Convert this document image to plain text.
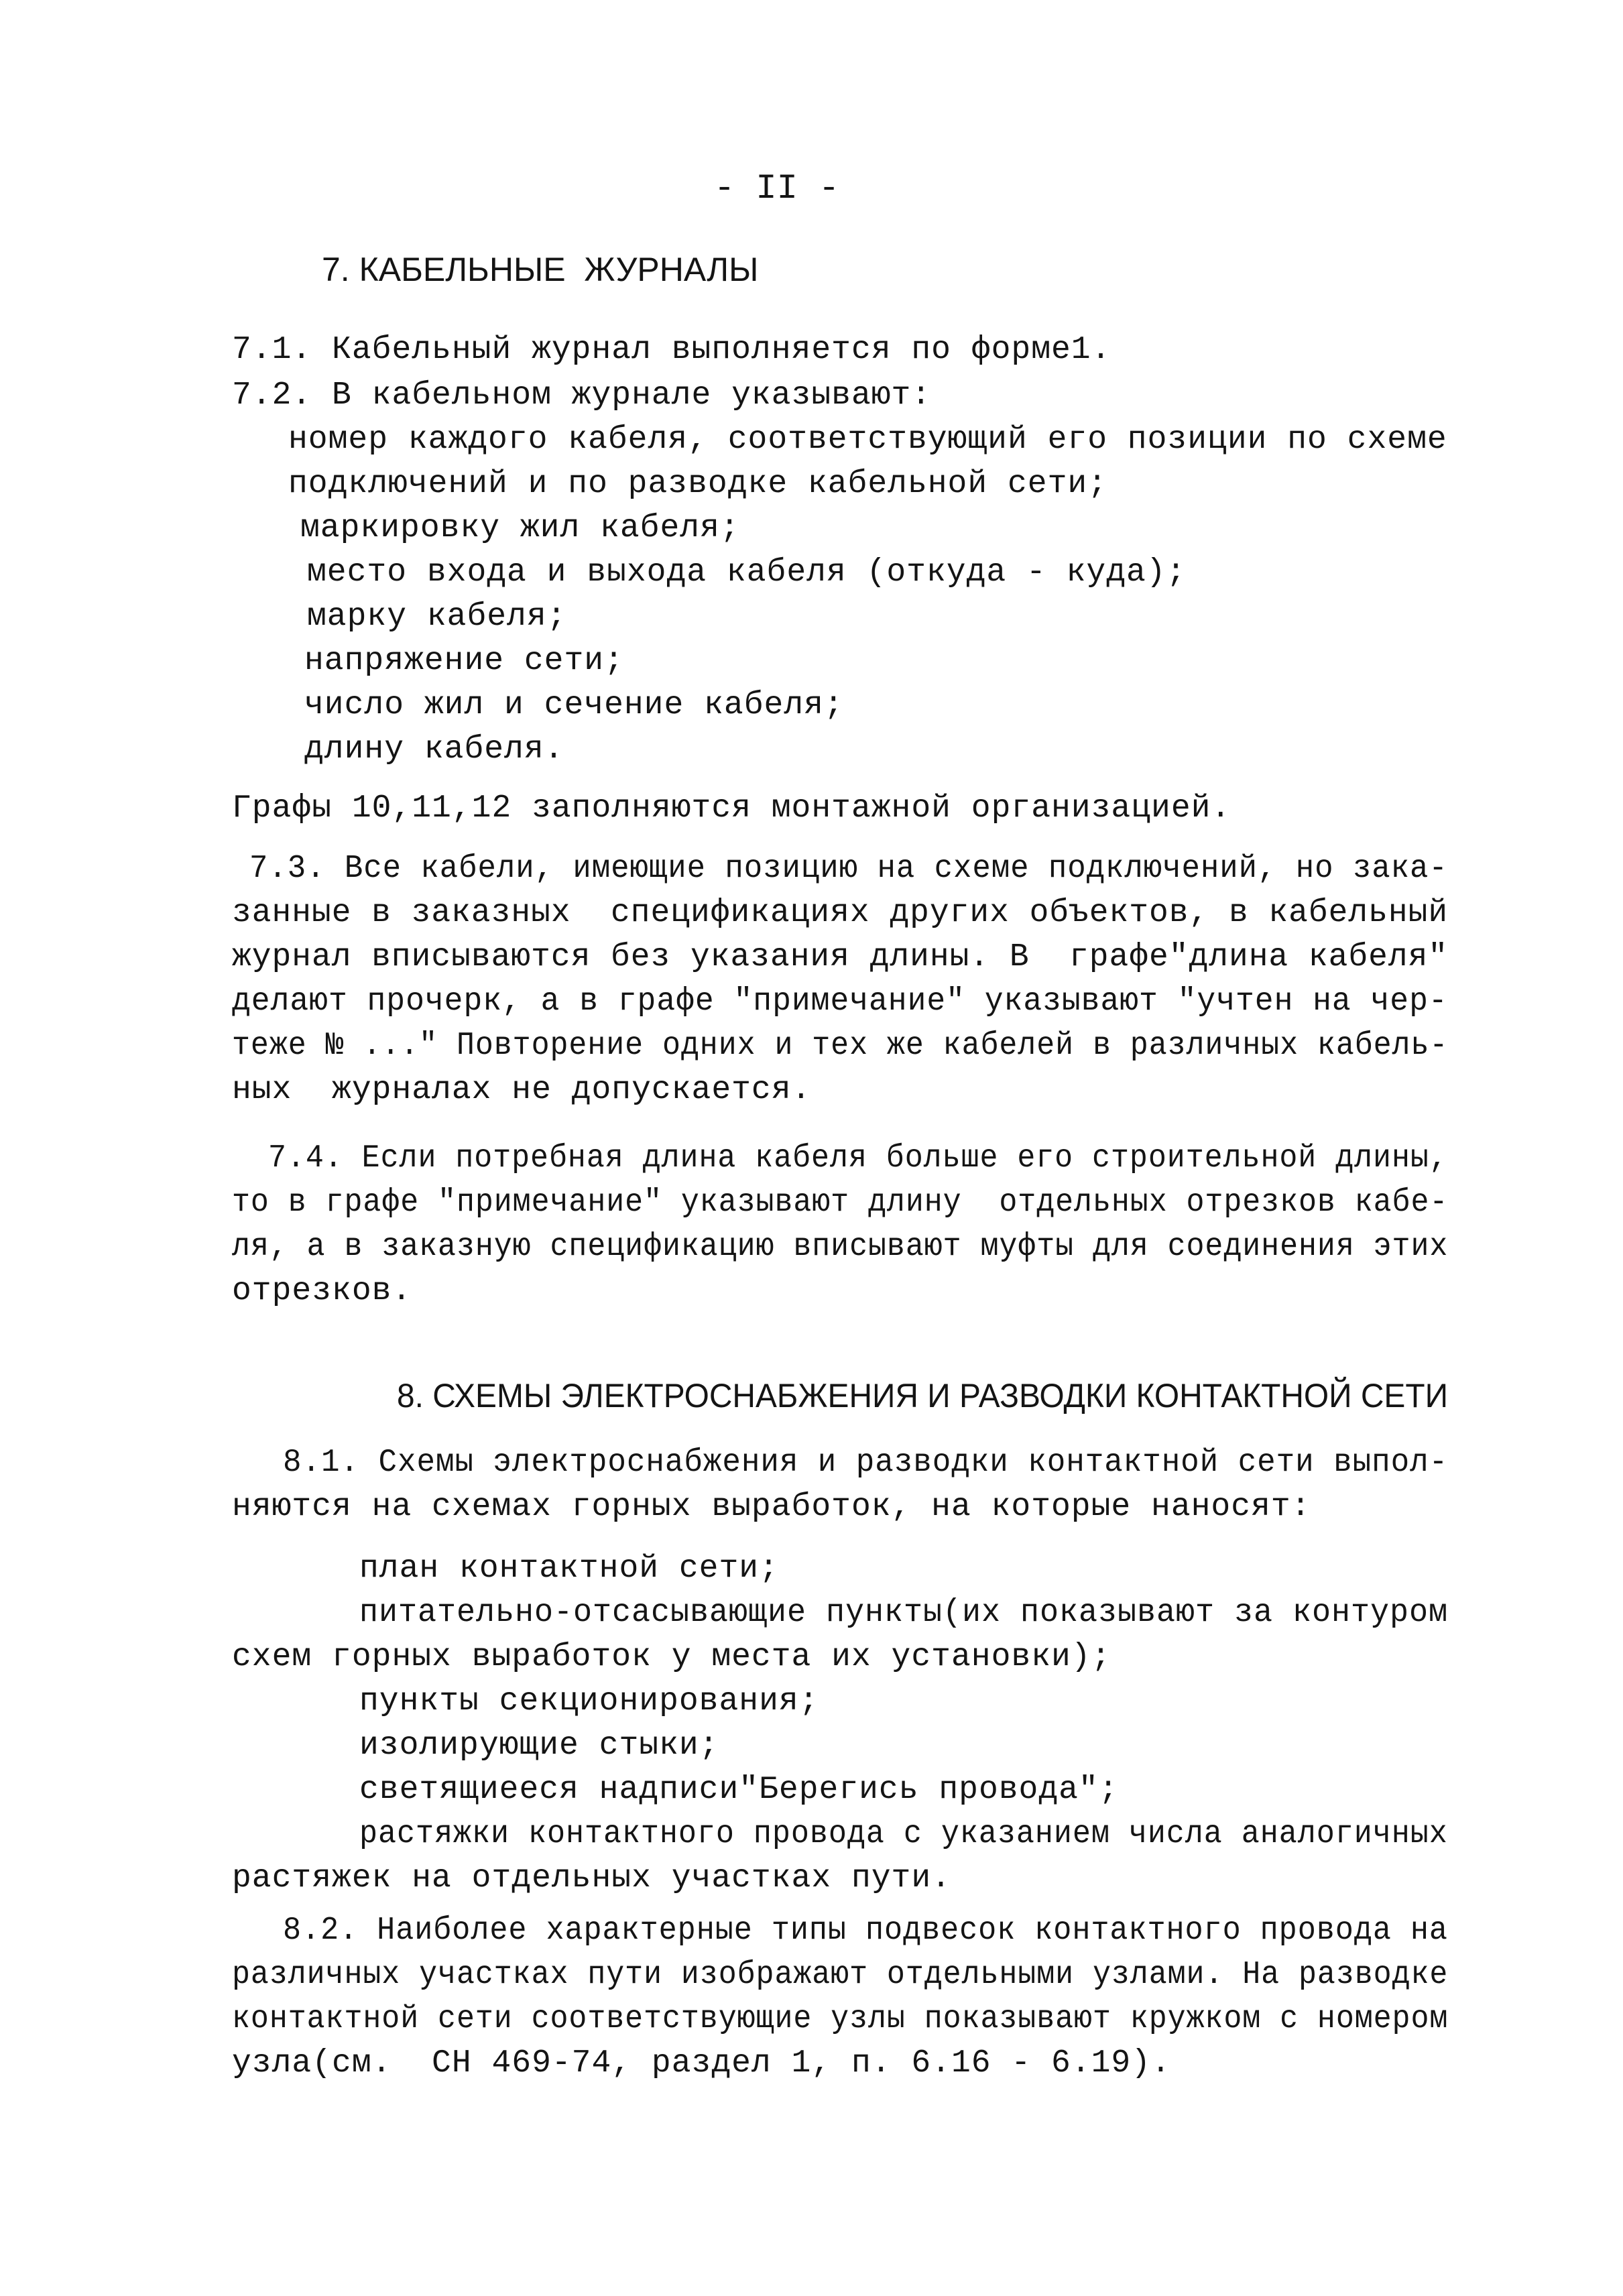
- II -
7. КАБЕЛЬНЫЕ  ЖУРНАЛЫ
7.1. Кабельный журнал выполняется по форме1.
7.2. В кабельном журнале указывают:
номер каждого кабеля, соответствующий его позиции по схеме
подключений и по разводке кабельной сети;
маркировку жил кабеля;
место входа и выхода кабеля (откуда - куда);
марку кабеля;
напряжение сети;
число жил и сечение кабеля;
длину кабеля.
Графы 10,11,12 заполняются монтажной организацией.
7.3. Все кабели, имеющие позицию на схеме подключений, но зака-
занные в заказных  спецификациях других объектов, в кабельный
журнал вписываются без указания длины. В  графе"длина кабеля"
делают прочерк, а в графе "примечание" указывают "учтен на чер-
теже № ..." Повторение одних и тех же кабелей в различных кабель-
ных  журналах не допускается.
7.4. Если потребная длина кабеля больше его строительной длины,
то в графе "примечание" указывают длину  отдельных отрезков кабе-
ля, а в заказную спецификацию вписывают муфты для соединения этих
отрезков.
8. СХЕМЫ ЭЛЕКТРОСНАБЖЕНИЯ И РАЗВОДКИ КОНТАКТНОЙ СЕТИ
8.1. Схемы электроснабжения и разводки контактной сети выпол-
няются на схемах горных выработок, на которые наносят:
план контактной сети;
питательно-отсасывающие пункты(их показывают за контуром
схем горных выработок у места их установки);
пункты секционирования;
изолирующие стыки;
светящиееся надписи"Берегись провода";
растяжки контактного провода с указанием числа аналогичных
растяжек на отдельных участках пути.
8.2. Наиболее характерные типы подвесок контактного провода на
различных участках пути изображают отдельными узлами. На разводке
контактной сети соответствующие узлы показывают кружком с номером
узла(см.  СН 469-74, раздел 1, п. 6.16 - 6.19).
